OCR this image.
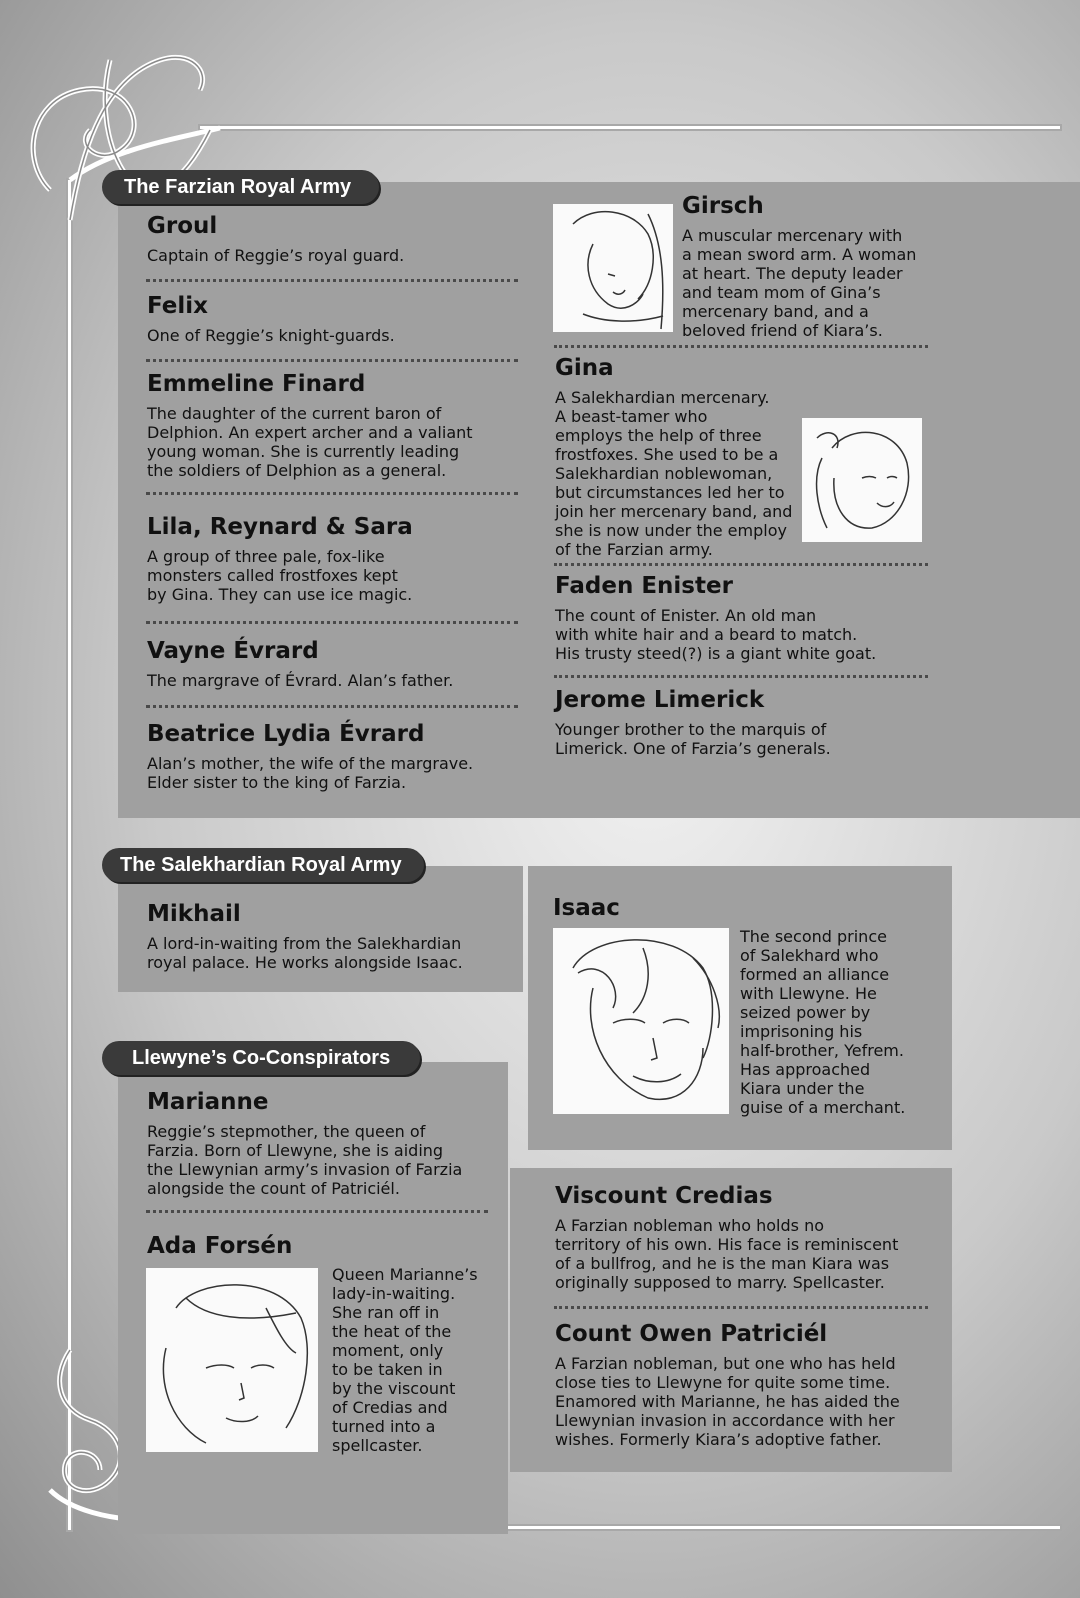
The Farzian Royal Army
The Salekhardian Royal Army
Llewyne’s Co-Conspirators
Groul
Captain of Reggie’s royal guard.
Felix
One of Reggie’s knight-guards.
Emmeline Finard
The daughter of the current baron of
Delphion. An expert archer and a valiant
young woman. She is currently leading
the soldiers of Delphion as a general.
Lila, Reynard & Sara
A group of three pale, fox-like
monsters called frostfoxes kept
by Gina. They can use ice magic.
Vayne Évrard
The margrave of Évrard. Alan’s father.
Beatrice Lydia Évrard
Alan’s mother, the wife of the margrave.
Elder sister to the king of Farzia.
Girsch
A muscular mercenary with
a mean sword arm. A woman
at heart. The deputy leader
and team mom of Gina’s
mercenary band, and a
beloved friend of Kiara’s.
Gina
A Salekhardian mercenary.
A beast-tamer who
employs the help of three
frostfoxes. She used to be a
Salekhardian noblewoman,
but circumstances led her to
join her mercenary band, and
she is now under the employ
of the Farzian army.
Faden Enister
The count of Enister. An old man
with white hair and a beard to match.
His trusty steed(?) is a giant white goat.
Jerome Limerick
Younger brother to the marquis of
Limerick. One of Farzia’s generals.
Mikhail
A lord-in-waiting from the Salekhardian
royal palace. He works alongside Isaac.
Isaac
The second prince
of Salekhard who
formed an alliance
with Llewyne. He
seized power by
imprisoning his
half-brother, Yefrem.
Has approached
Kiara under the
guise of a merchant.
Marianne
Reggie’s stepmother, the queen of
Farzia. Born of Llewyne, she is aiding
the Llewynian army’s invasion of Farzia
alongside the count of Patriciél.
Ada Forsén
Queen Marianne’s
lady-in-waiting.
She ran off in
the heat of the
moment, only
to be taken in
by the viscount
of Credias and
turned into a
spellcaster.
Viscount Credias
A Farzian nobleman who holds no
territory of his own. His face is reminiscent
of a bullfrog, and he is the man Kiara was
originally supposed to marry. Spellcaster.
Count Owen Patriciél
A Farzian nobleman, but one who has held
close ties to Llewyne for quite some time.
Enamored with Marianne, he has aided the
Llewynian invasion in accordance with her
wishes. Formerly Kiara’s adoptive father.
